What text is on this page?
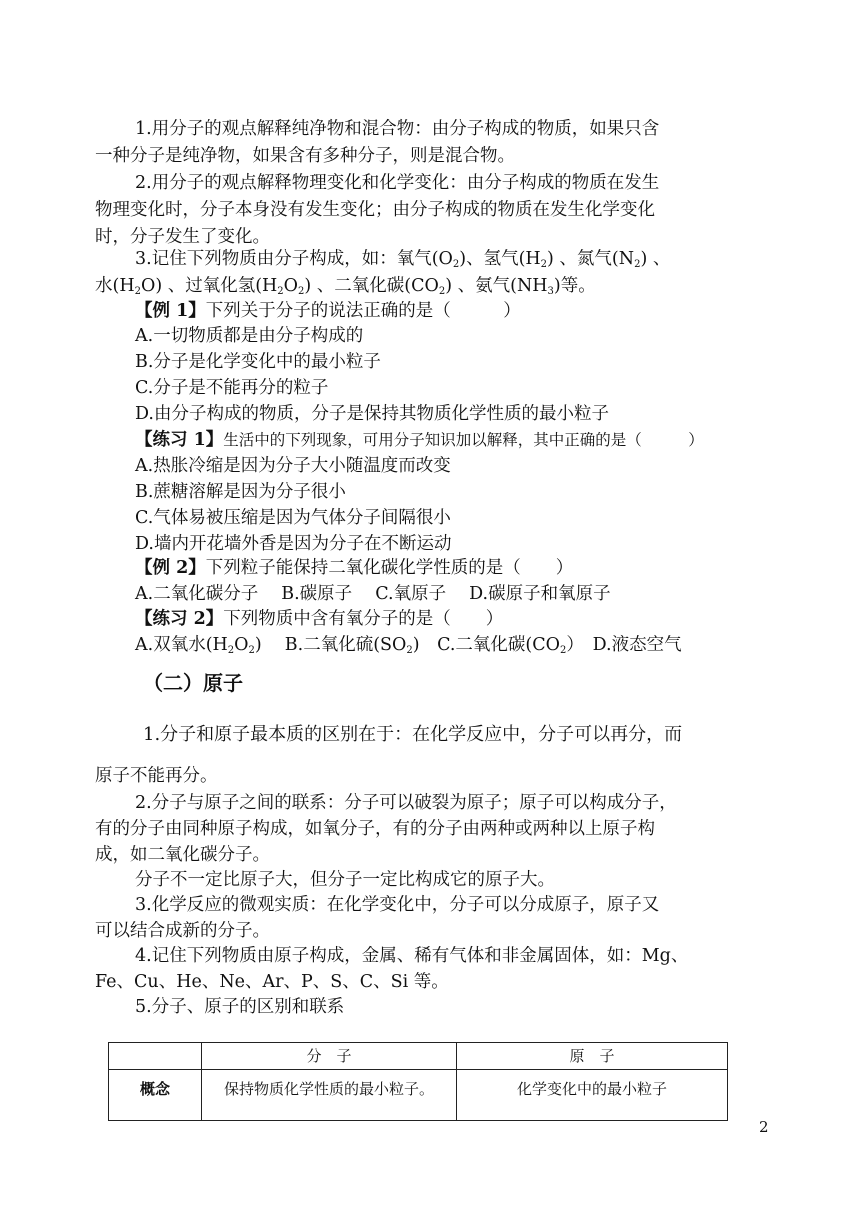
1.用分子的观点解释纯净物和混合物：由分子构成的物质，如果只含
一种分子是纯净物，如果含有多种分子，则是混合物。
2.用分子的观点解释物理变化和化学变化：由分子构成的物质在发生
物理变化时，分子本身没有发生变化；由分子构成的物质在发生化学变化
时，分子发生了变化。
3.记住下列物质由分子构成，如：氧气$(O_2)$、氢气$(H_2)$ 、氮气$(N_2)$ 、
水$(H_2O)$ 、过氧化氢$(H_2O_2)$ 、二氧化碳$(CO_2)$ 、氨气$(NH_3)$等。
【例 1】下列关于分子的说法正确的是（　　　）
A.一切物质都是由分子构成的
B.分子是化学变化中的最小粒子
C.分子是不能再分的粒子
D.由分子构成的物质，分子是保持其物质化学性质的最小粒子
【练习 1】生活中的下列现象，可用分子知识加以解释，其中正确的是（　　　）
A.热胀冷缩是因为分子大小随温度而改变
B.蔗糖溶解是因为分子很小
C.气体易被压缩是因为气体分子间隔很小
D.墙内开花墙外香是因为分子在不断运动
【例 2】下列粒子能保持二氧化碳化学性质的是（　　）
A.二氧化碳分子　 B.碳原子　 C.氧原子　 D.碳原子和氧原子
【练习 2】下列物质中含有氧分子的是（　　）
A.双氧水$(H_2O_2)$　 B.二氧化硫$(SO_2)$　C.二氧化碳$(CO_2)$　D.液态空气
（二）原子
1.分子和原子最本质的区别在于：在化学反应中，分子可以再分，而
原子不能再分。
2.分子与原子之间的联系：分子可以破裂为原子；原子可以构成分子，
有的分子由同种原子构成，如氧分子，有的分子由两种或两种以上原子构
成，如二氧化碳分子。
分子不一定比原子大，但分子一定比构成它的原子大。
3.化学反应的微观实质：在化学变化中，分子可以分成原子，原子又
可以结合成新的分子。
4.记住下列物质由原子构成，金属、稀有气体和非金属固体，如：Mg、
Fe、Cu、He、Ne、Ar、P、S、C、Si 等。
5.分子、原子的区别和联系
	分　子	原　子
概念	保持物质化学性质的最小粒子。	化学变化中的最小粒子
2
